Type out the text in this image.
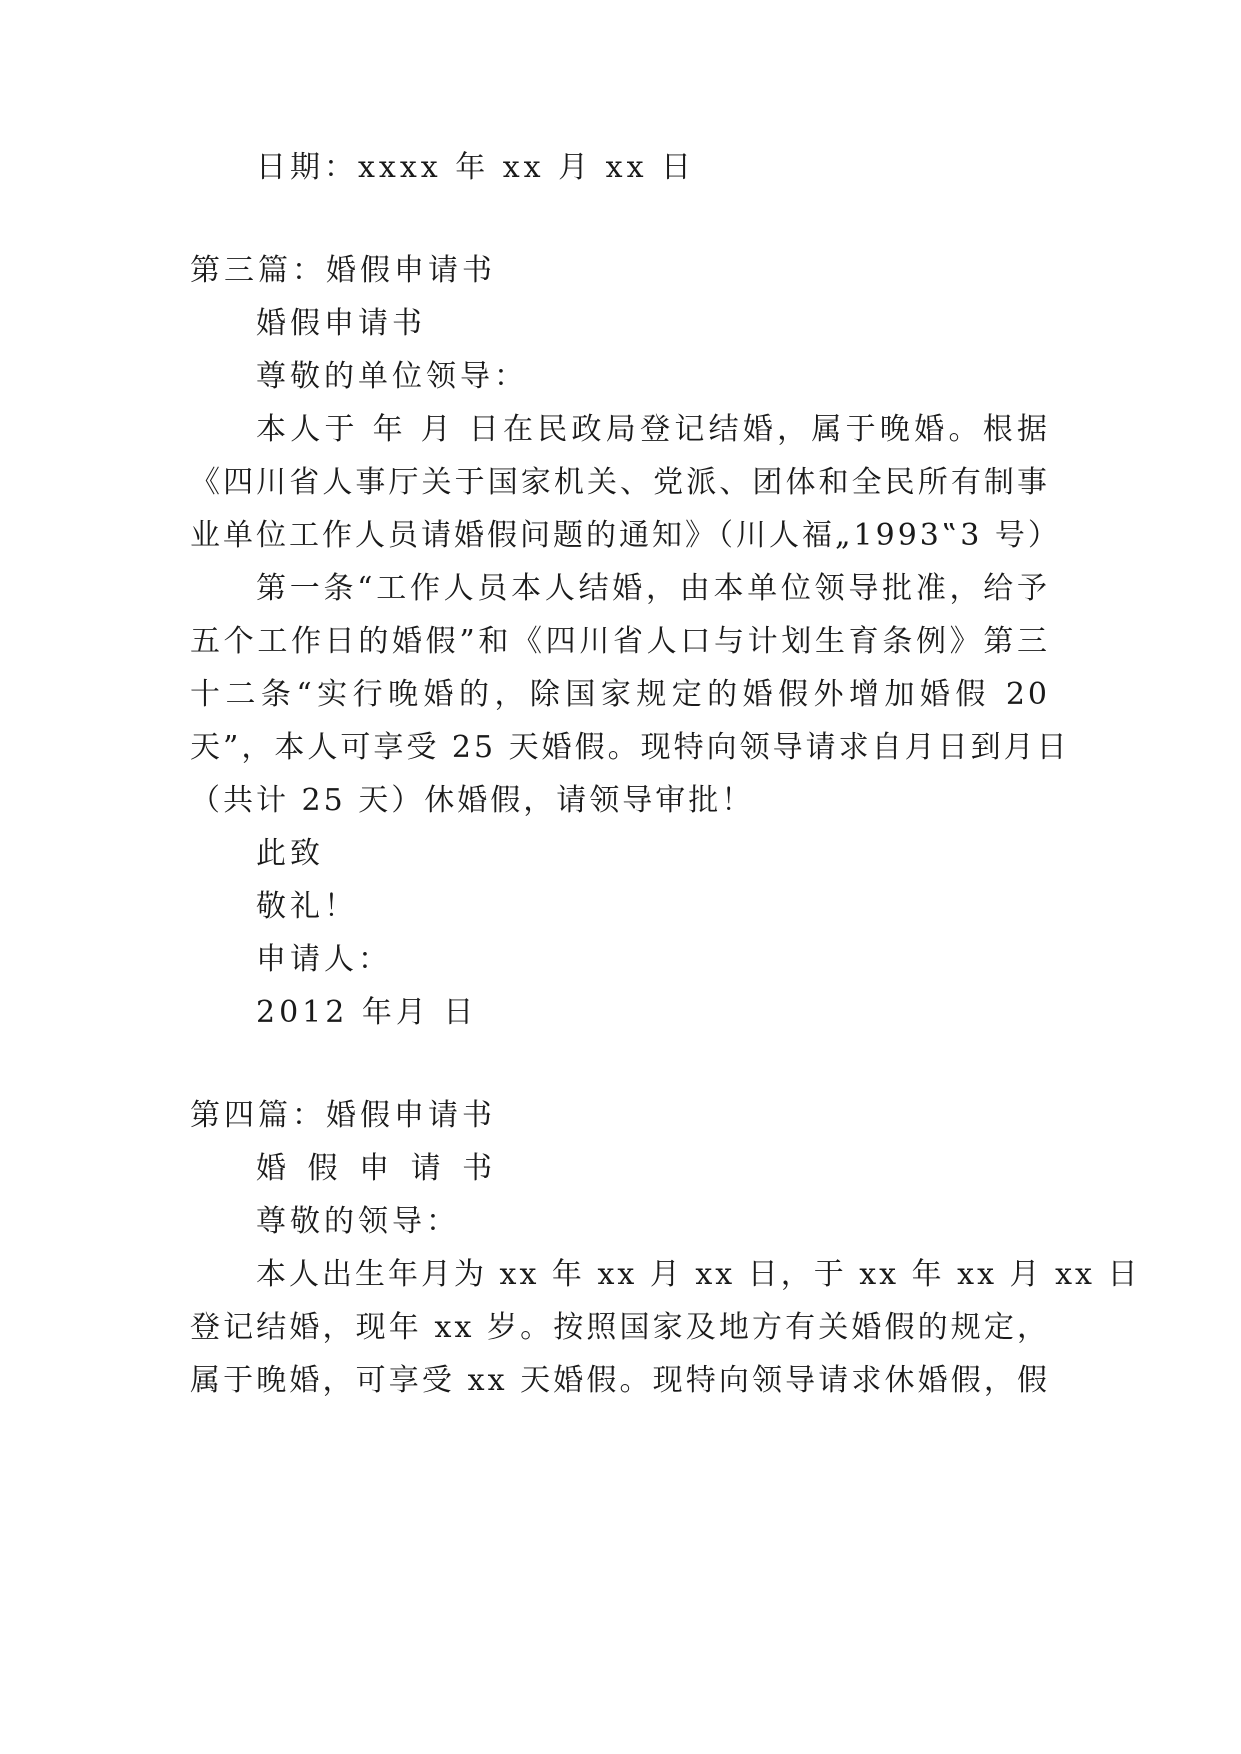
日期：xxxx 年 xx 月 xx 日
第三篇：婚假申请书
婚假申请书
尊敬的单位领导：
本人于 年 月 日在民政局登记结婚，属于晚婚。根据
《四川省人事厅关于国家机关、党派、团体和全民所有制事
业单位工作人员请婚假问题的通知》（川人福„1993‟3 号）
第一条“工作人员本人结婚，由本单位领导批准，给予
五个工作日的婚假”和《四川省人口与计划生育条例》第三
十二条“实行晚婚的，除国家规定的婚假外增加婚假 20
天”，本人可享受 25 天婚假。现特向领导请求自月日到月日
（共计 25 天）休婚假，请领导审批！
此致
敬礼！
申请人：
2012 年月 日
第四篇：婚假申请书
婚 假 申 请 书
尊敬的领导：
本人出生年月为 xx 年 xx 月 xx 日，于 xx 年 xx 月 xx 日
登记结婚，现年 xx 岁。按照国家及地方有关婚假的规定，
属于晚婚，可享受 xx 天婚假。现特向领导请求休婚假，假
